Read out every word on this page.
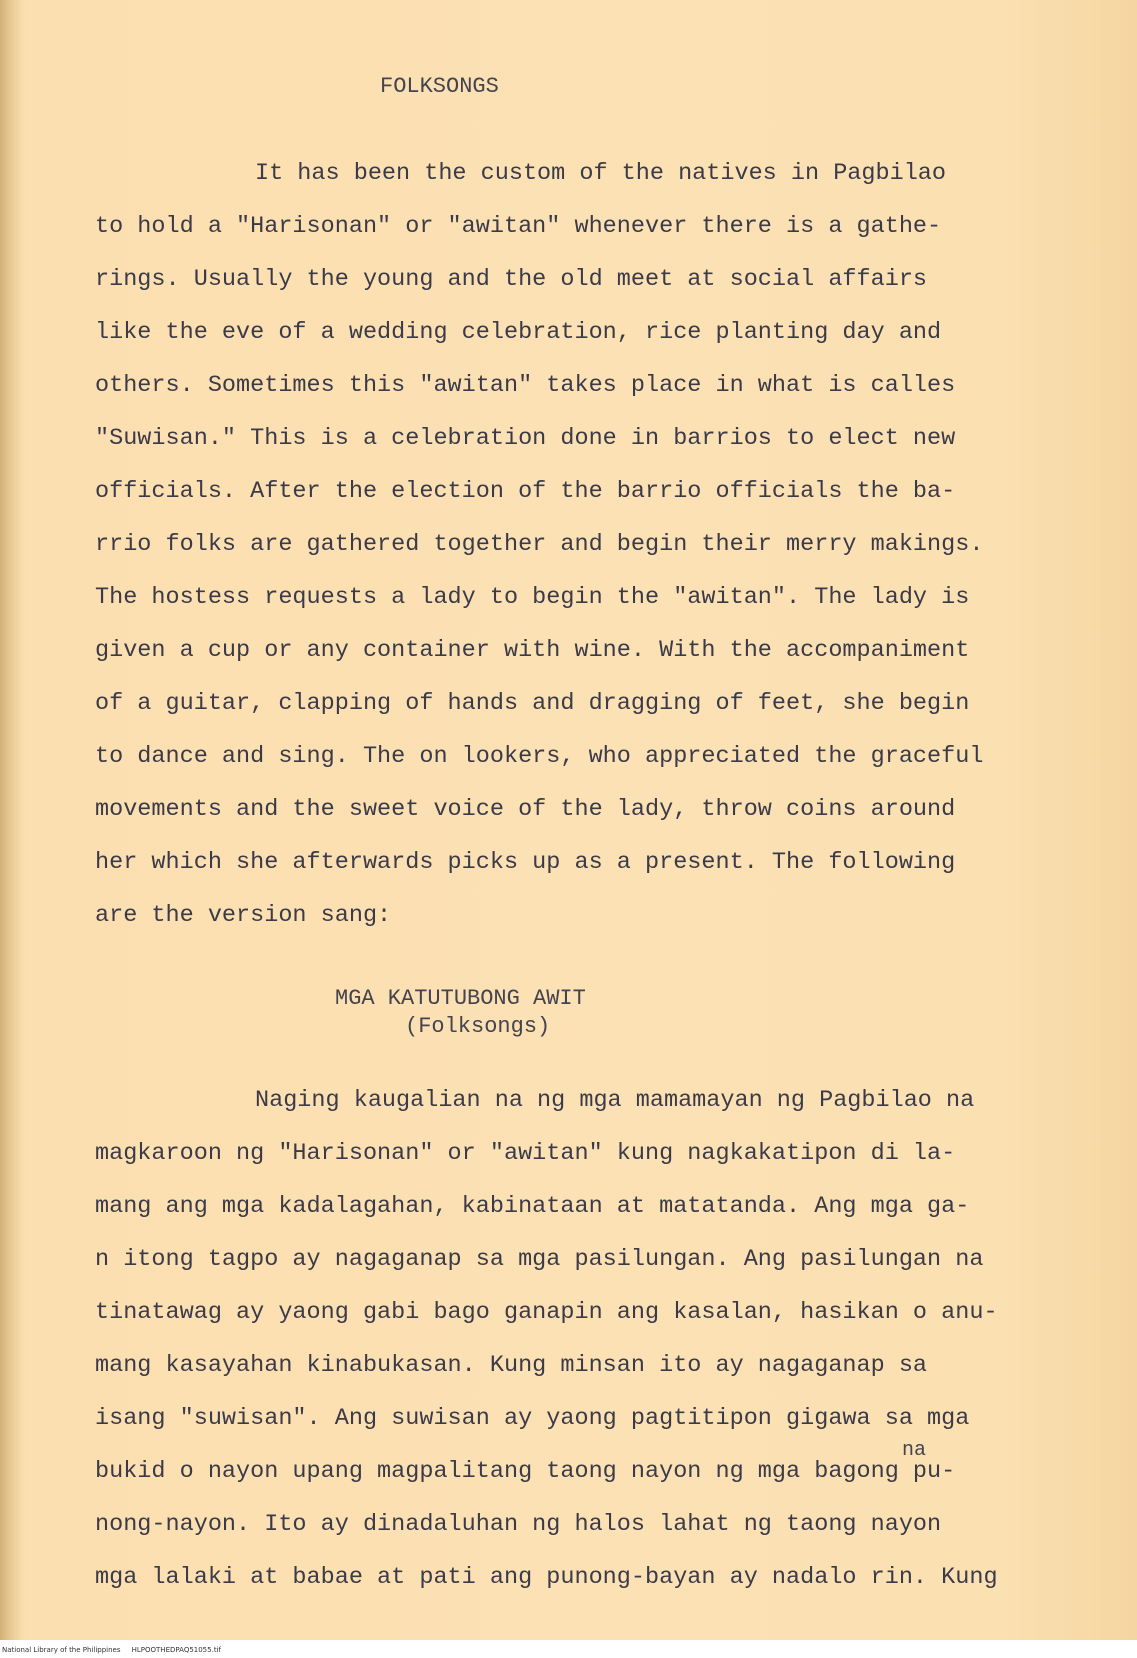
FOLKSONGS
It has been the custom of the natives in Pagbilao
to hold a "Harisonan" or "awitan" whenever there is a gathe-
rings. Usually the young and the old meet at social affairs
like the eve of a wedding celebration, rice planting day and
others. Sometimes this "awitan" takes place in what is calles
"Suwisan." This is a celebration done in barrios to elect new
officials. After the election of the barrio officials the ba-
rrio folks are gathered together and begin their merry makings.
The hostess requests a lady to begin the "awitan". The lady is
given a cup or any container with wine. With the accompaniment
of a guitar, clapping of hands and dragging of feet, she begin
to dance and sing. The on lookers, who appreciated the graceful
movements and the sweet voice of the lady, throw coins around
her which she afterwards picks up as a present. The following
are the version sang:
MGA KATUTUBONG AWIT
(Folksongs)
Naging kaugalian na ng mga mamamayan ng Pagbilao na
magkaroon ng "Harisonan" or "awitan" kung nagkakatipon di la-
mang ang mga kadalagahan, kabinataan at matatanda. Ang mga ga-
n itong tagpo ay nagaganap sa mga pasilungan. Ang pasilungan na
tinatawag ay yaong gabi bago ganapin ang kasalan, hasikan o anu-
mang kasayahan kinabukasan. Kung minsan ito ay nagaganap sa
isang "suwisan". Ang suwisan ay yaong pagtitipon gigawa sa mga
bukid o nayon upang magpalitang taong nayon ng mga bagong pu-
nong-nayon. Ito ay dinadaluhan ng halos lahat ng taong nayon
mga lalaki at babae at pati ang punong-bayan ay nadalo rin. Kung
na
National Library of the Philippines     HLPOOTHEDPAQ51055.tif
